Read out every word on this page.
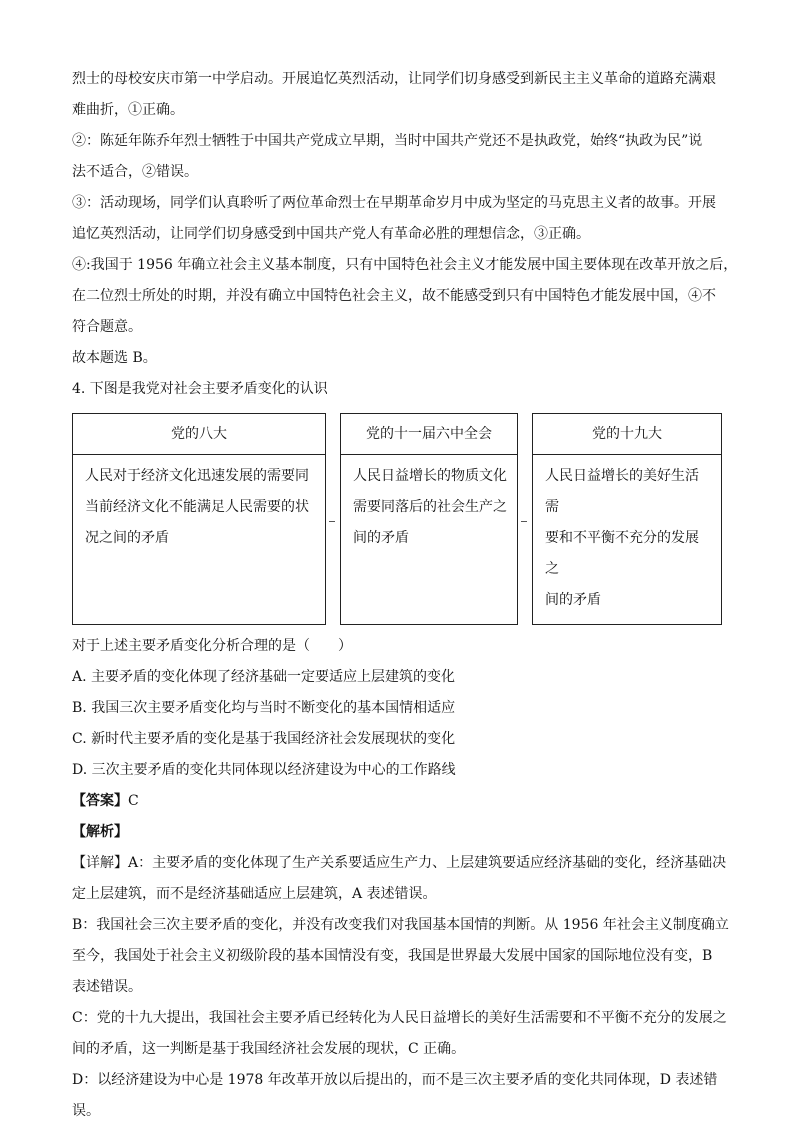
烈士的母校安庆市第一中学启动。开展追忆英烈活动，让同学们切身感受到新民主主义革命的道路充满艰

难曲折，①正确。

②：陈延年陈乔年烈士牺牲于中国共产党成立早期，当时中国共产党还不是执政党，始终“执政为民”说

法不适合，②错误。

③：活动现场，同学们认真聆听了两位革命烈士在早期革命岁月中成为坚定的马克思主义者的故事。开展

追忆英烈活动，让同学们切身感受到中国共产党人有革命必胜的理想信念，③正确。

④:我国于 1956 年确立社会主义基本制度，只有中国特色社会主义才能发展中国主要体现在改革开放之后，

在二位烈士所处的时期，并没有确立中国特色社会主义，故不能感受到只有中国特色才能发展中国，④不

符合题意。

故本题选 B。

4. 下图是我党对社会主要矛盾变化的认识

党的八大
人民对于经济文化迅速发展的需要同
当前经济文化不能满足人民需要的状
况之间的矛盾
党的十一届六中全会
人民日益增长的物质文化
需要同落后的社会生产之
间的矛盾
党的十九大
人民日益增长的美好生活需
要和不平衡不充分的发展之
间的矛盾

对于上述主要矛盾变化分析合理的是（　　）

A. 主要矛盾的变化体现了经济基础一定要适应上层建筑的变化

B. 我国三次主要矛盾变化均与当时不断变化的基本国情相适应

C. 新时代主要矛盾的变化是基于我国经济社会发展现状的变化

D. 三次主要矛盾的变化共同体现以经济建设为中心的工作路线

【答案】C

【解析】

【详解】A：主要矛盾的变化体现了生产关系要适应生产力、上层建筑要适应经济基础的变化，经济基础决

定上层建筑，而不是经济基础适应上层建筑，A 表述错误。

B：我国社会三次主要矛盾的变化，并没有改变我们对我国基本国情的判断。从 1956 年社会主义制度确立

至今，我国处于社会主义初级阶段的基本国情没有变，我国是世界最大发展中国家的国际地位没有变，B

表述错误。

C：党的十九大提出，我国社会主要矛盾已经转化为人民日益增长的美好生活需要和不平衡不充分的发展之

间的矛盾，这一判断是基于我国经济社会发展的现状，C 正确。

D：以经济建设为中心是 1978 年改革开放以后提出的，而不是三次主要矛盾的变化共同体现，D 表述错误。
